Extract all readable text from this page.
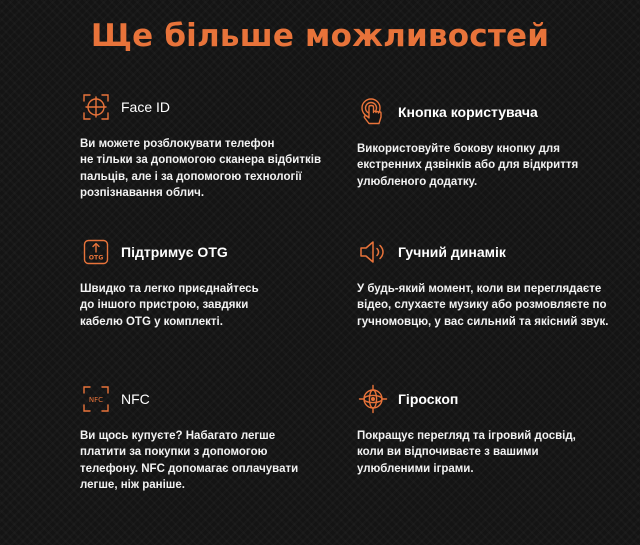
Ще більше можливостей
Face ID
Ви можете розблокувати телефон
не тільки за допомогою сканера відбитків
пальців, але і за допомогою технології
розпізнавання облич.
Кнопка користувача
Використовуйте бокову кнопку для
екстренних дзвінків або для відкриття
улюбленого додатку.
OTG Підтримує OTG
Швидко та легко приєднайтесь
до іншого пристрою, завдяки
кабелю OTG у комплекті.
Гучний динамік
У будь-який момент, коли ви переглядаєте
відео, слухаєте музику або розмовляєте по
гучномовцю, у вас сильний та якісний звук.
NFC NFC
Ви щось купуєте? Набагато легше
платити за покупки з допомогою
телефону. NFC допомагає оплачувати
легше, ніж раніше.
Гіроскоп
Покращує перегляд та ігровий досвід,
коли ви відпочиваєте з вашими
улюбленими іграми.
